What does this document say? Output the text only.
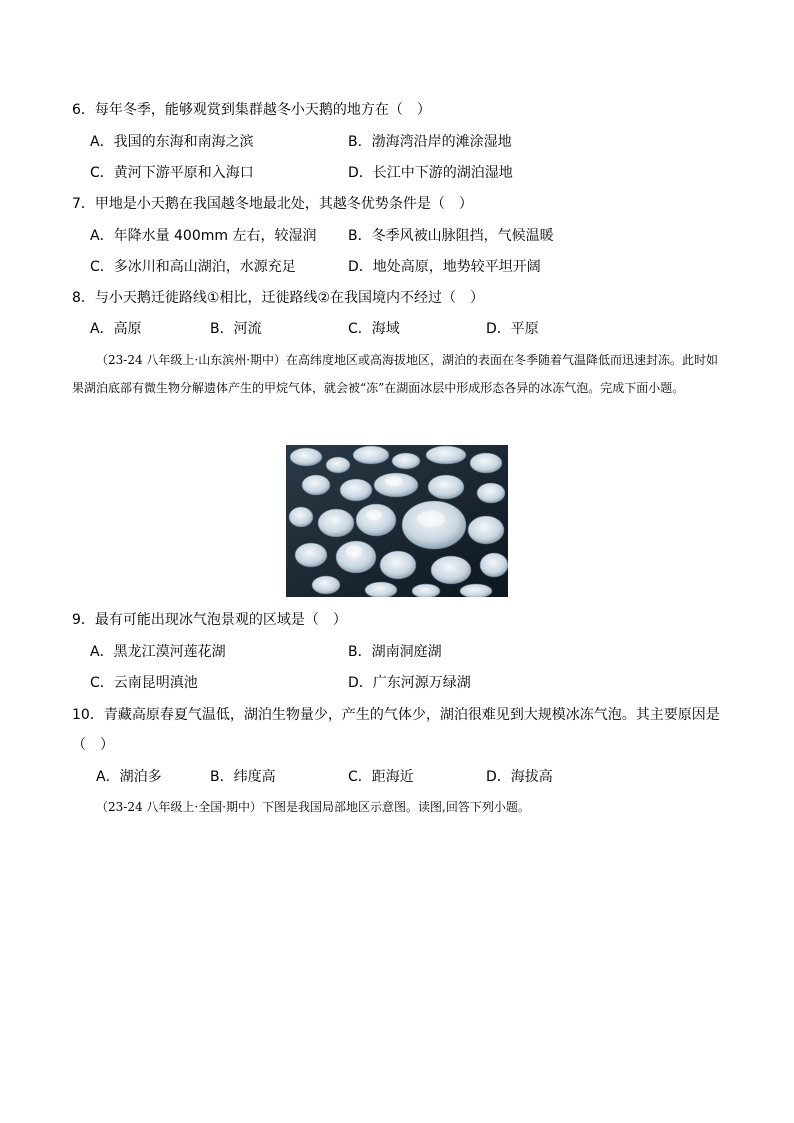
6．每年冬季，能够观赏到集群越冬小天鹅的地方在（　）
A．我国的东海和南海之滨	B．渤海湾沿岸的滩涂湿地
C．黄河下游平原和入海口	D．长江中下游的湖泊湿地
7．甲地是小天鹅在我国越冬地最北处，其越冬优势条件是（　）
A．年降水量 400mm 左右，较湿润 B．冬季风被山脉阻挡，气候温暖
C．多冰川和高山湖泊，水源充足	D．地处高原，地势较平坦开阔
8．与小天鹅迁徙路线①相比，迁徙路线②在我国境内不经过（　）
A．高原	B．河流	C．海域	D．平原

（23-24 八年级上·山东滨州·期中）在高纬度地区或高海拔地区，湖泊的表面在冬季随着气温降低而迅速封冻。此时如果湖泊底部有微生物分解遗体产生的甲烷气体，就会被“冻”在湖面冰层中形成形态各异的冰冻气泡。完成下面小题。

9．最有可能出现冰气泡景观的区域是（　）
A．黑龙江漠河莲花湖	B．湖南洞庭湖
C．云南昆明滇池	D．广东河源万绿湖
10．青藏高原春夏气温低，湖泊生物量少，产生的气体少，湖泊很难见到大规模冰冻气泡。其主要原因是
（　）
A．湖泊多	B．纬度高	C．距海近	D．海拔高

（23-24 八年级上·全国·期中）下图是我国局部地区示意图。读图,回答下列小题。
